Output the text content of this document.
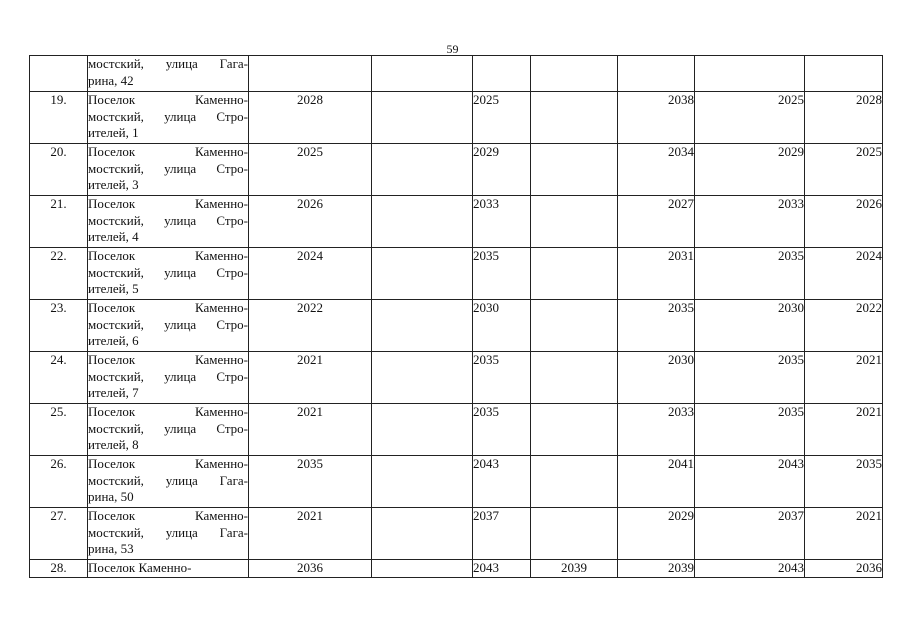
59

	мостский, улица Гага-
рина, 42							

19.	Поселок Каменно-
мостский, улица Стро-
ителей, 1	2028		2025		2038	2025	2028
20.	Поселок Каменно-
мостский, улица Стро-
ителей, 3	2025		2029		2034	2029	2025
21.	Поселок Каменно-
мостский, улица Стро-
ителей, 4	2026		2033		2027	2033	2026
22.	Поселок Каменно-
мостский, улица Стро-
ителей, 5	2024		2035		2031	2035	2024
23.	Поселок Каменно-
мостский, улица Стро-
ителей, 6	2022		2030		2035	2030	2022
24.	Поселок Каменно-
мостский, улица Стро-
ителей, 7	2021		2035		2030	2035	2021
25.	Поселок Каменно-
мостский, улица Стро-
ителей, 8	2021		2035		2033	2035	2021
26.	Поселок Каменно-
мостский, улица Гага-
рина, 50	2035		2043		2041	2043	2035
27.	Поселок Каменно-
мостский, улица Гага-
рина, 53	2021		2037		2029	2037	2021
28.	Поселок Каменно-	2036		2043	2039	2039	2043	2036
